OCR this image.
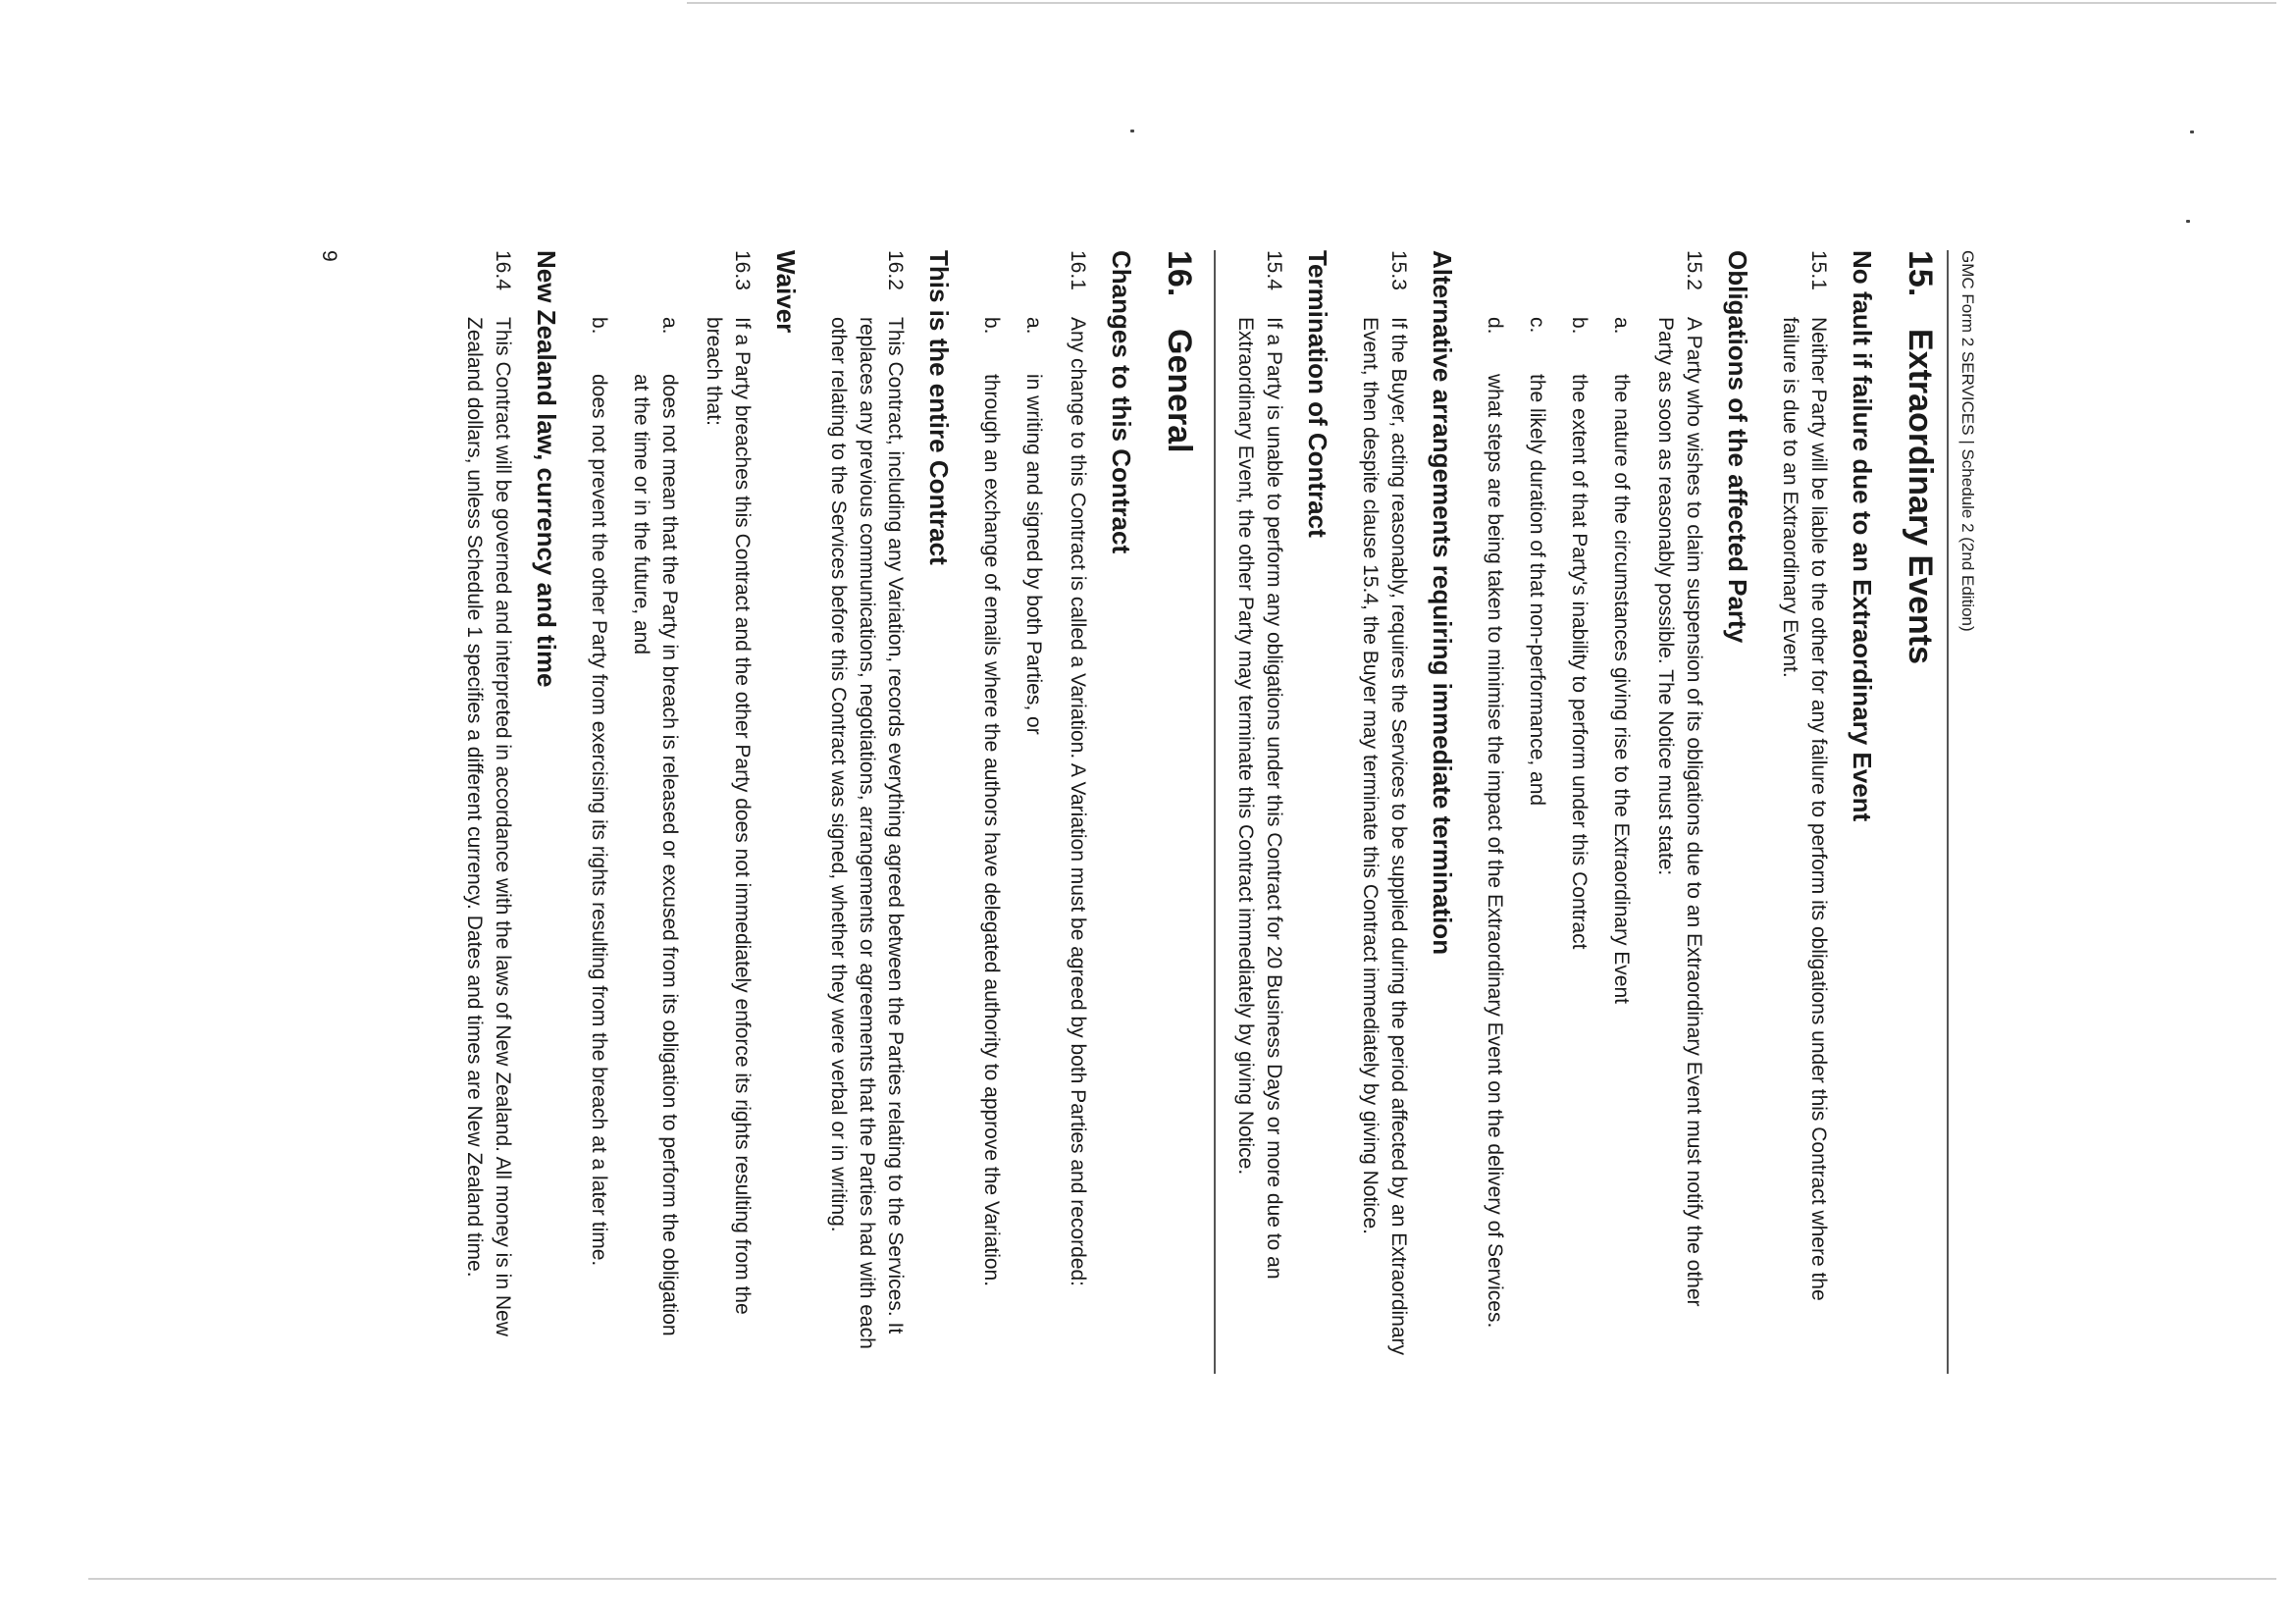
GMC Form 2 SERVICES | Schedule 2 (2nd Edition)
15.
Extraordinary Events
No fault if failure due to an Extraordinary Event
15.1
Neither Party will be liable to the other for any failure to perform its obligations under this Contract where the failure is due to an Extraordinary Event.
Obligations of the affected Party
15.2
A Party who wishes to claim suspension of its obligations due to an Extraordinary Event must notify the other Party as soon as reasonably possible. The Notice must state:
a.
the nature of the circumstances giving rise to the Extraordinary Event
b.
the extent of that Party's inability to perform under this Contract
c.
the likely duration of that non-performance, and
d.
what steps are being taken to minimise the impact of the Extraordinary Event on the delivery of Services.
Alternative arrangements requiring immediate termination
15.3
If the Buyer, acting reasonably, requires the Services to be supplied during the period affected by an Extraordinary Event, then despite clause 15.4, the Buyer may terminate this Contract immediately by giving Notice.
Termination of Contract
15.4
If a Party is unable to perform any obligations under this Contract for 20 Business Days or more due to an Extraordinary Event, the other Party may terminate this Contract immediately by giving Notice.
16.
General
Changes to this Contract
16.1
Any change to this Contract is called a Variation. A Variation must be agreed by both Parties and recorded:
a.
in writing and signed by both Parties, or
b.
through an exchange of emails where the authors have delegated authority to approve the Variation.
This is the entire Contract
16.2
This Contract, including any Variation, records everything agreed between the Parties relating to the Services. It replaces any previous communications, negotiations, arrangements or agreements that the Parties had with each other relating to the Services before this Contract was signed, whether they were verbal or in writing.
Waiver
16.3
If a Party breaches this Contract and the other Party does not immediately enforce its rights resulting from the breach that:
a.
does not mean that the Party in breach is released or excused from its obligation to perform the obligation at the time or in the future, and
b.
does not prevent the other Party from exercising its rights resulting from the breach at a later time.
New Zealand law, currency and time
16.4
This Contract will be governed and interpreted in accordance with the laws of New Zealand. All money is in New Zealand dollars, unless Schedule 1 specifies a different currency. Dates and times are New Zealand time.
9
